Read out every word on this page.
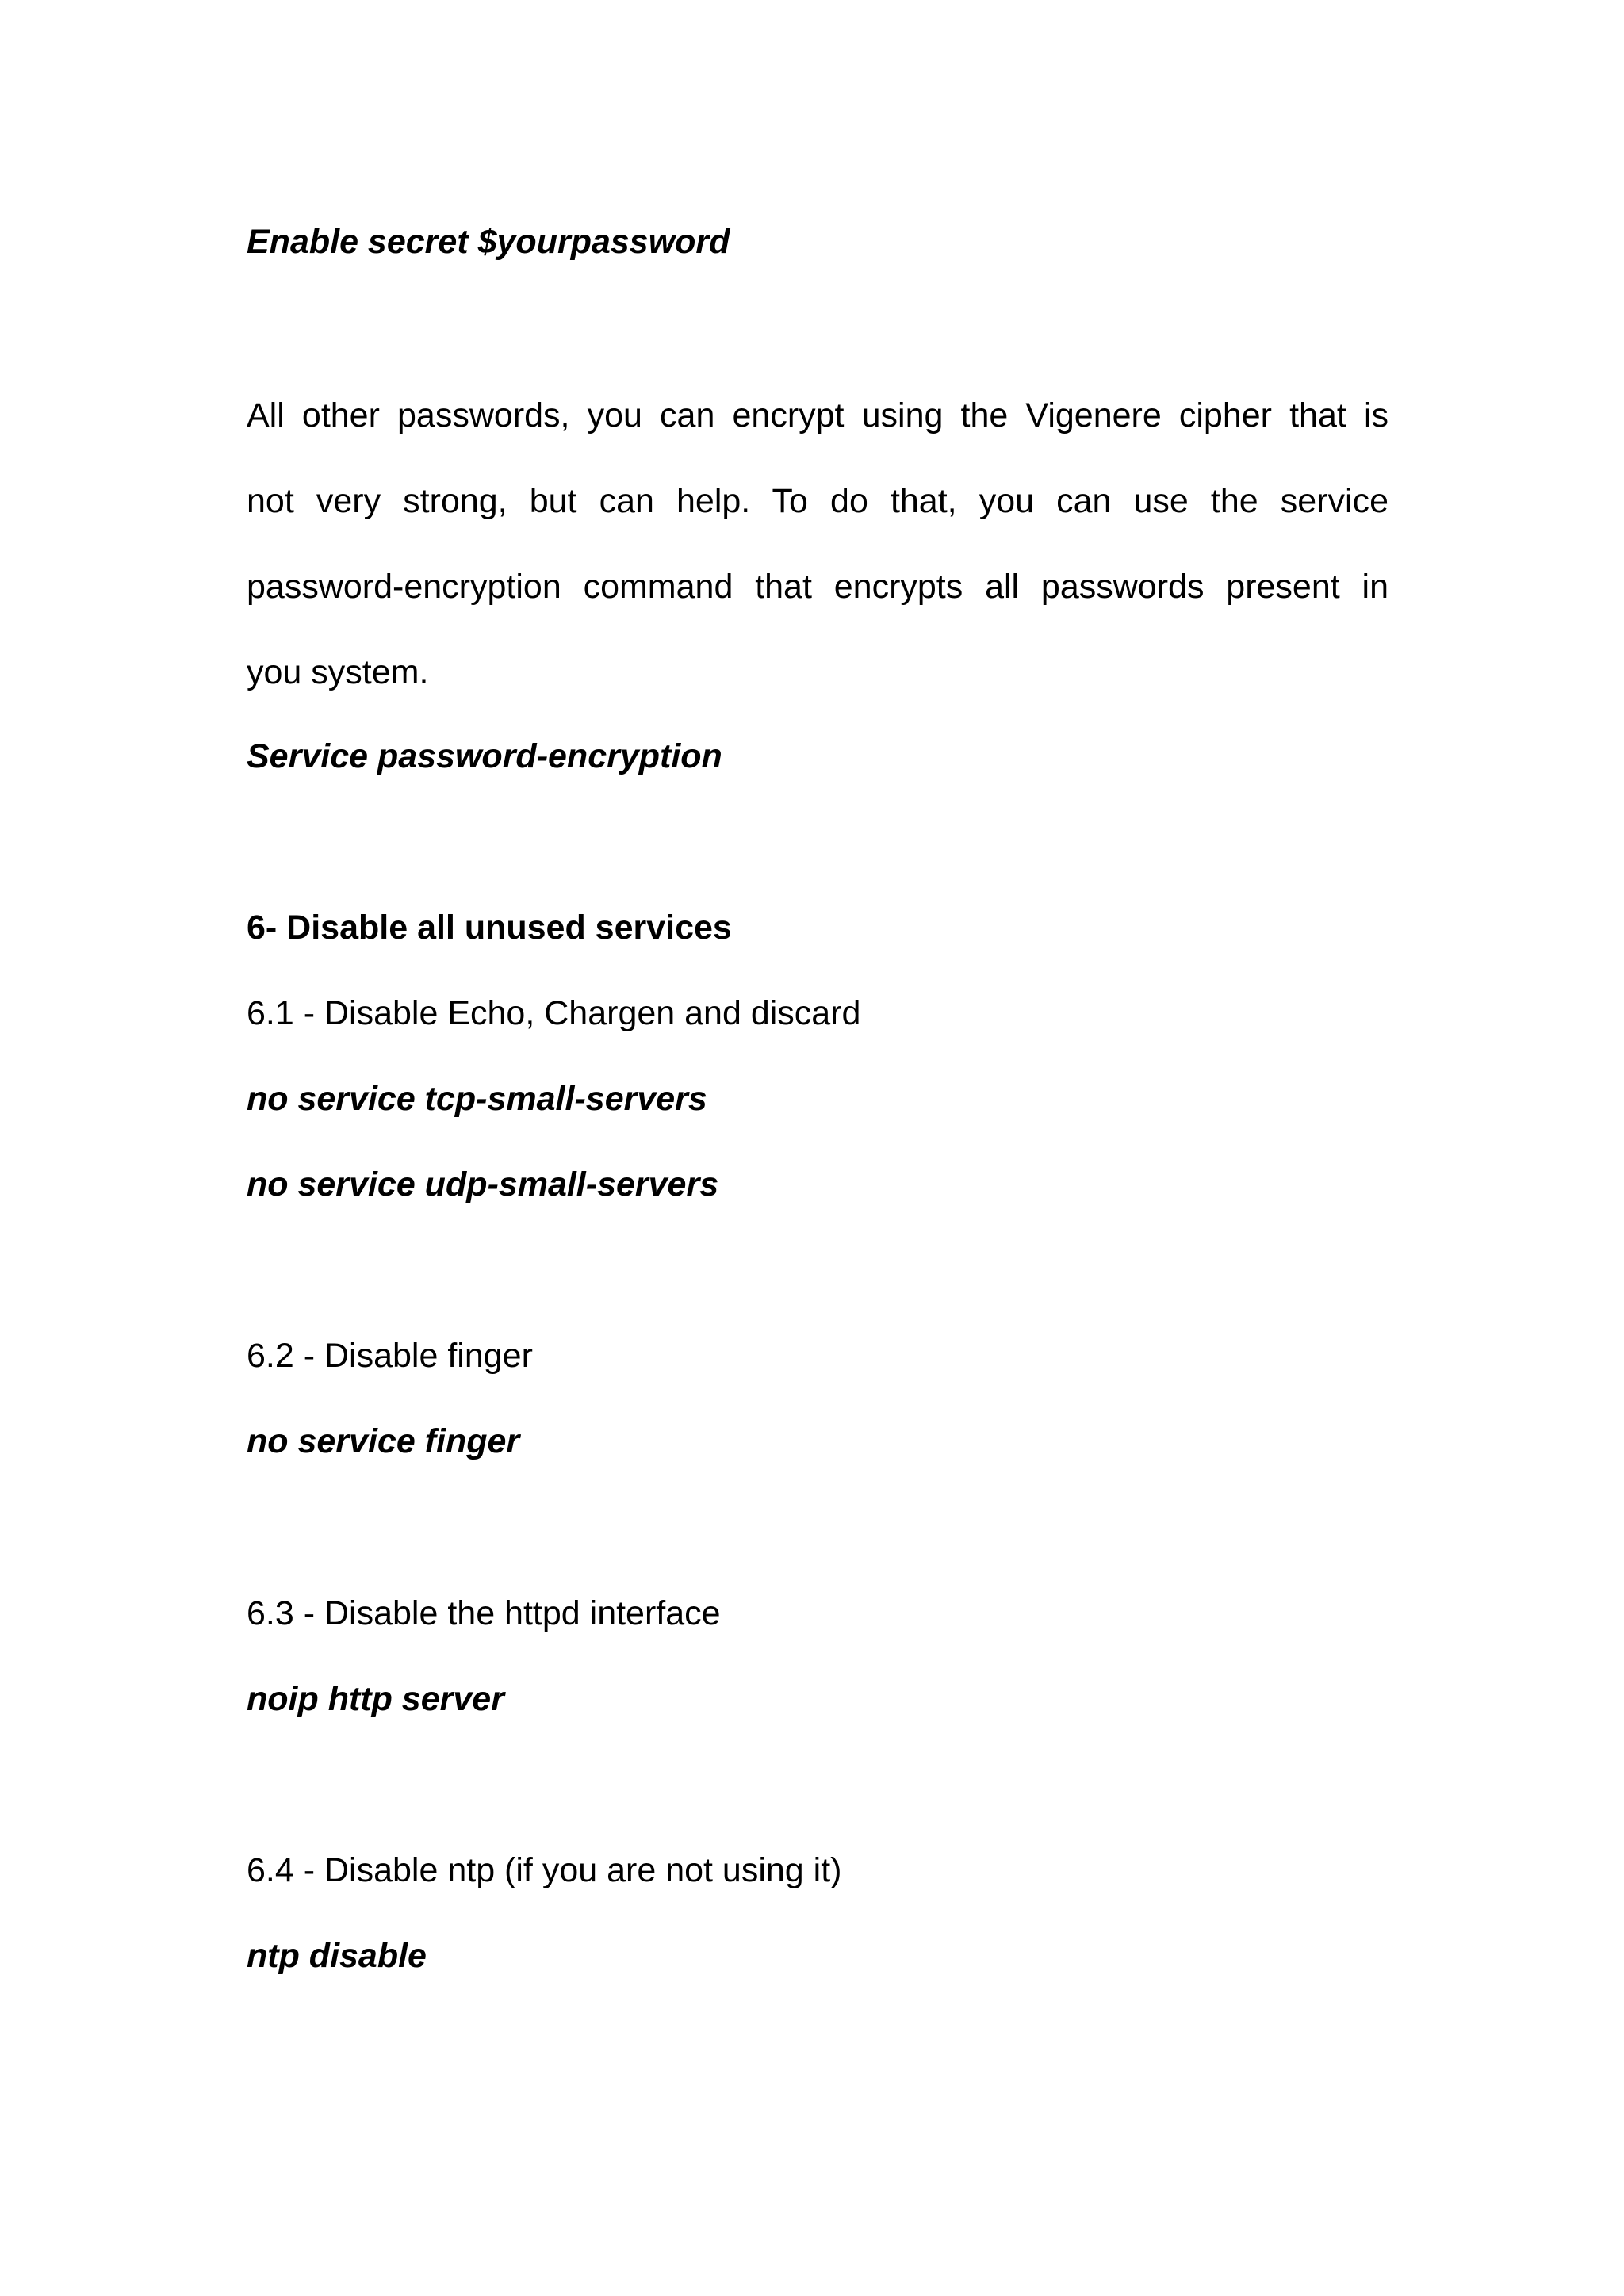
Enable secret $yourpassword
All other passwords, you can encrypt using the Vigenere cipher that is
not very strong, but can help. To do that, you can use the service
password-encryption command that encrypts all passwords present in
you system.
Service password-encryption
6- Disable all unused services
6.1 - Disable Echo, Chargen and discard
no service tcp-small-servers
no service udp-small-servers
6.2 - Disable finger
no service finger
6.3 - Disable the httpd interface
noip http server
6.4 - Disable ntp (if you are not using it)
ntp disable
